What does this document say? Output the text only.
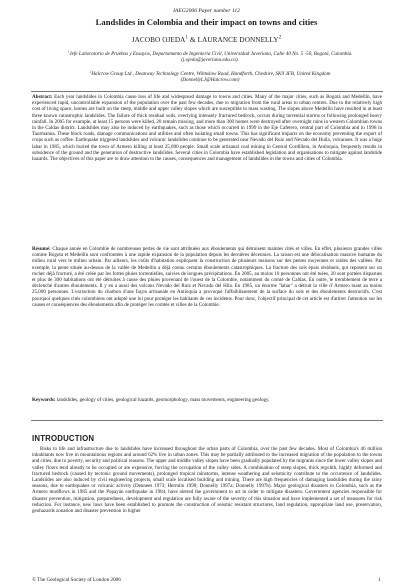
IAEG2006 Paper number 112
Landslides in Colombia and their impact on towns and cities
JACOBO OJEDA$^1$ & LAURANCE DONNELLY$^2$
$^1$Jefe Laboratorio de Pruebas y Ensayos, Departamento de Ingeniería Civil, Universidad Javeriana, Calle 40 No. 5 -50, Bogotá, Colombia. (j.ojeda@javeriana.edu.co).
$^2$Halcrow Group Ltd., Deanway Technology Centre, Wilmslow Road, Handforth, Cheshire, SK9 3FB, United Kingdom (DonnellyLJ@Halcrow.com)
Abstract: Each year landslides in Colombia cause loss of life and widespread damage to towns and cities. Many of the major cities, such as Bogotá and Medellín, have experienced rapid, uncontrollable expansion of the population over the past few decades, due to migration from the rural areas to urban centres. Due to the relatively high cost of living space, homes are built on the steep, middle and upper valley slopes which are susceptible to mass wasting. The slopes above Medellín have resulted in at least three known catastrophic landslides. The failure of thick residual soils, overlying intensely fractured bedrock, occurs during torrential storms or following prolonged heavy rainfall. In 2005 for example, at least 15 persons were killed, 20 remain missing, and more than 300 homes were destroyed after overnight rains in western Colombian towns in the Caldas district. Landslides may also be induced by earthquakes, such as those which occurred in 1999 in the Eje Cafetero, central part of Colombia and in 1998 in Taurmanna. These block roads, damage communications and utilities and often isolating small towns. This has significant impacts on the economy preventing the export of crops such as coffee. Earthquake triggered landslides and volcanic landslides continue to be generated near Nevado del Ruiz and Nevado del Huila, volcanoes. It was a huge lahar in 1985, which buried the town of Armero killing at least 25,000 people. Small scale artisanal coal mining in Central Cordillera, in Antioquia, frequently results in subsidence of the ground and the generation of destructive landslides. Several cities in Colombia have established legislation and organisations to mitigate against landslide hazards. The objectives of this paper are to draw attention to the causes, consequences and management of landslides in the towns and cities of Colombia.
Résumé: Chaque année en Colombie de nombreuses pertes de vie sont attribuées aux éboulements qui détruisent maintes cités et villes. En effet, plusieurs grandes villes comme Bogota et Medellín sont confrontées à une rapide expansion de la population depuis les dernières décennies. La raison est une délocalisation massive humaine du milieu rural vers le milieu urbain. Par ailleurs, les coûts d'habitation expliquent la construction de plusieurs maisons sur des pentes moyennes et raides des vallées. Par exemple, la pente située au-dessus de la vallée de Medellín a déjà connu certains éboulements catastrophiques. La fracture des sols épais résiduels, qui reposent sur un rocher déjà fracturé, a été créée par les fortes pluies torrentielles, suivies de longues précipitations. En 2005, au moins 10 personnes ont été tuées, 20 sont portées disparues et plus de 300 habitations ont été détruites à cause des pluies provenant de l'ouest de la Colombie, notamment du comté de Caldas. En outre, le tremblement de terre a déclenché d'autres éboulements. Il y en a aussi des volcans Nevado del Ruiz et Nevado del Hila. En 1985, un énorme "lahar" a détruit la ville d' Armero tuant au moins 25,000 personnes. L'extraction du charbon d'une façon artisanale en Antioquia a provoqué l'affaiblissement de la surface du sols et des éboulements destructifs. C'est pourquoi quelques cités colombiens ont adopté une loi pour protéger les habitants de ces incidents. Pour donc, l'objectif principal de cet article est d'attirer l'attention sur les causes et conséquences des éboulements afin de protéger les comtés et villes de la Colombie.
Keywords: landslides, geology of cities, geological hazards, geomorphology, mass movements, engineering geology.
INTRODUCTION
Risks to life and infrastructure due to landslides have increased throughout the urban parts of Colombia, over the past few decades. Most of Colombia's 46 million inhabitants now live in mountainous regions and around 62% live in urban zones. This may be partially attributed to the increased migration of the population to the towns and cities, due to poverty, security and political reasons. The upper and middle valley slopes have been gradually populated by the migrants since the lower valley slopes and valley floors tend already to be occupied or are expensive, forcing the occupation of the valley sides. A combination of steep slopes, thick regolith, highly deformed and fractured bedrock (caused by tectonic ground movements), prolonged tropical rainstorms, intense weathering and seismicity contribute to the occurrence of landslides. Landslides are also induced by civil engineering projects, small scale localised building and mining. There are high frequencies of damaging landslides during the rainy seasons, due to earthquakes or volcanic activity (Dennees 1973; Hermlin 1990; Donnelly 1997a; Donnelly 1997b). Major geological disasters in Colombia, such as the Armero mudflows in 1985 and the Popayán earthquake in 1984, have alerted the government to act in order to mitigate disasters. Government agencies responsible for disaster prevention, mitigation, preparedness, development and regulation are fully aware of the severity of this situation and have implemented a set of measures for risk reduction. For instance, new laws have been established to promote the construction of seismic resistant structures, land regulation, appropriate land use, preservation, geohazards zonation and disaster prevention in higher
© The Geological Society of London 2006	1
